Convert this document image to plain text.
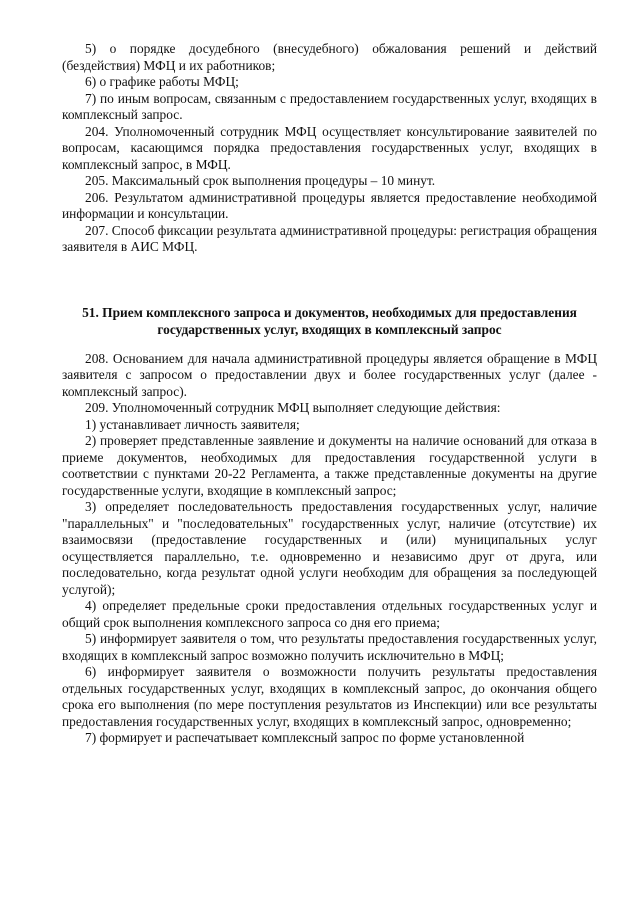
5) о порядке досудебного (внесудебного) обжалования решений и действий (бездействия) МФЦ и их работников;

6) о графике работы МФЦ;

7) по иным вопросам, связанным с предоставлением государственных услуг, входящих в комплексный запрос.

204. Уполномоченный сотрудник МФЦ осуществляет консультирование заявителей по вопросам, касающимся порядка предоставления государственных услуг, входящих в комплексный запрос, в МФЦ.

205. Максимальный срок выполнения процедуры – 10 минут.

206. Результатом административной процедуры является предоставление необходимой информации и консультации.

207. Способ фиксации результата административной процедуры: регистрация обращения заявителя в АИС МФЦ.

51. Прием комплексного запроса и документов, необходимых для предоставления государственных услуг, входящих в комплексный запрос

208. Основанием для начала административной процедуры является обращение в МФЦ заявителя с запросом о предоставлении двух и более государственных услуг (далее - комплексный запрос).

209. Уполномоченный сотрудник МФЦ выполняет следующие действия:

1) устанавливает личность заявителя;

2) проверяет представленные заявление и документы на наличие оснований для отказа в приеме документов, необходимых для предоставления государственной услуги в соответствии с пунктами 20-22 Регламента, а также представленные документы на другие государственные услуги, входящие в комплексный запрос;

3) определяет последовательность предоставления государственных услуг, наличие "параллельных" и "последовательных" государственных услуг, наличие (отсутствие) их взаимосвязи (предоставление государственных и (или) муниципальных услуг осуществляется параллельно, т.е. одновременно и независимо друг от друга, или последовательно, когда результат одной услуги необходим для обращения за последующей услугой);

4) определяет предельные сроки предоставления отдельных государственных услуг и общий срок выполнения комплексного запроса со дня его приема;

5) информирует заявителя о том, что результаты предоставления государственных услуг, входящих в комплексный запрос возможно получить исключительно в МФЦ;

6) информирует заявителя о возможности получить результаты предоставления отдельных государственных услуг, входящих в комплексный запрос, до окончания общего срока его выполнения (по мере поступления результатов из Инспекции) или все результаты предоставления государственных услуг, входящих в комплексный запрос, одновременно;

7) формирует и распечатывает комплексный запрос по форме установленной
